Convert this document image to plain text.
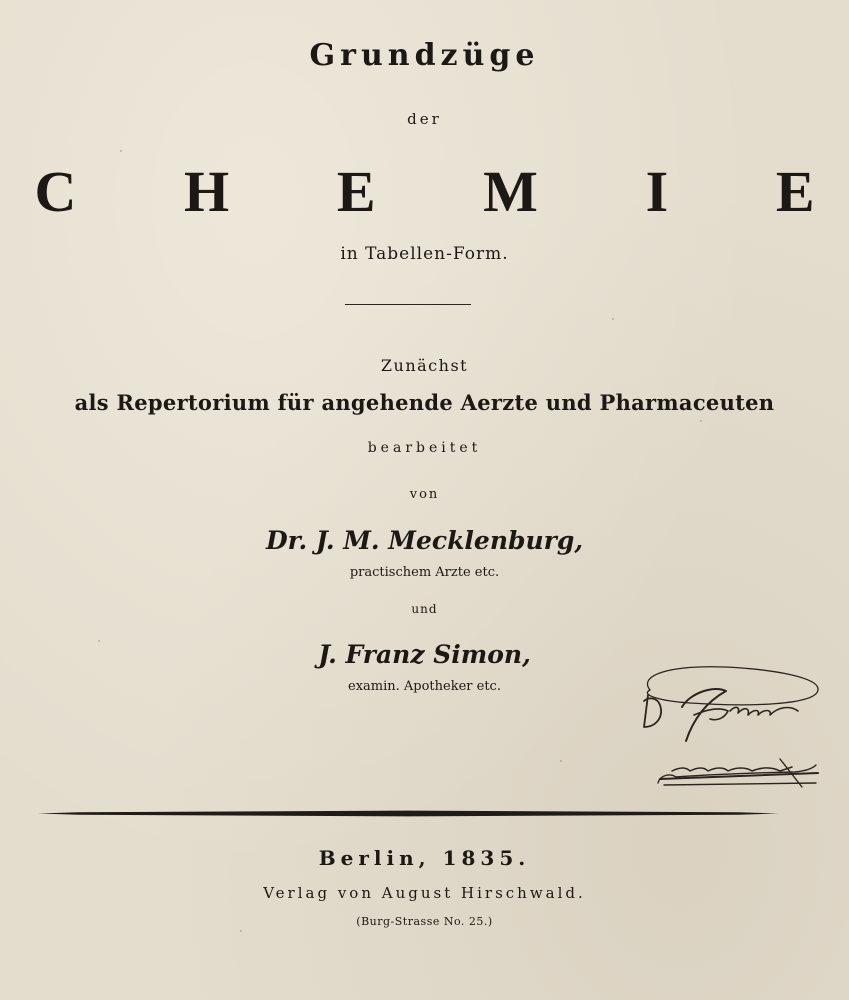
Grundzüge
der
C H E M I E
in Tabellen-Form.
Zunächst
als Repertorium für angehende Aerzte und Pharmaceuten
bearbeitet
von
Dr. J. M. Mecklenburg,
practischem Arzte etc.
und
J. Franz Simon,
examin. Apotheker etc.
Berlin, 1835.
Verlag von August Hirschwald.
(Burg-Strasse No. 25.)
